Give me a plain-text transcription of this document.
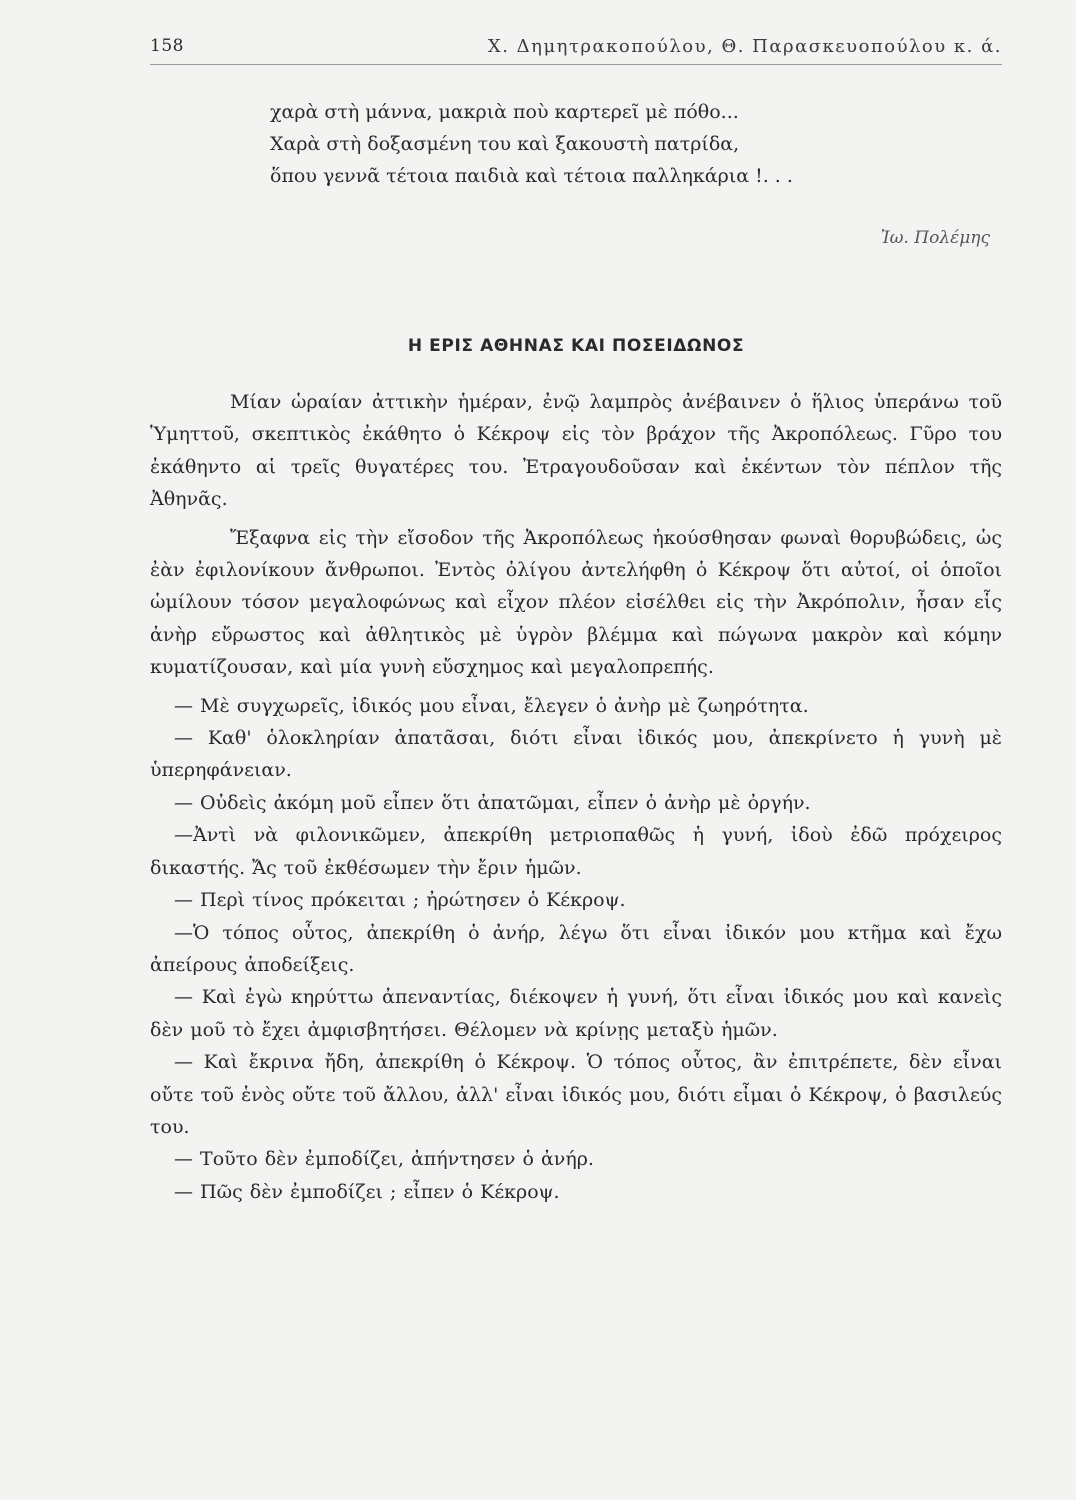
158	Χ. Δημητρακοπούλου, Θ. Παρασκευοπούλου κ. ά.
χαρὰ στὴ μάννα, μακριὰ ποὺ καρτερεῖ μὲ πόθο...
Χαρὰ στὴ δοξασμένη του καὶ ξακουστὴ πατρίδα,
ὅπου γεννᾶ τέτοια παιδιὰ καὶ τέτοια παλληκάρια !. . .
Ἰω. Πολέμης
Η ΕΡΙΣ ΑΘΗΝΑΣ ΚΑΙ ΠΟΣΕΙΔΩΝΟΣ

Μίαν ὡραίαν ἀττικὴν ἡμέραν, ἐνῷ λαμπρὸς ἀνέβαινεν ὁ ἥλιος ὑπεράνω τοῦ Ὑμηττοῦ, σκεπτικὸς ἐκάθητο ὁ Κέκροψ εἰς τὸν βράχον τῆς Ἀκροπόλεως. Γῦρο του ἐκάθηντο αἱ τρεῖς θυγατέρες του. Ἐτραγουδοῦσαν καὶ ἐκέντων τὸν πέπλον τῆς Ἀθηνᾶς.

Ἔξαφνα εἰς τὴν εἴσοδον τῆς Ἀκροπόλεως ἠκούσθησαν φωναὶ θορυβώδεις, ὡς ἐὰν ἐφιλονίκουν ἄνθρωποι. Ἐντὸς ὀλίγου ἀντελήφθη ὁ Κέκροψ ὅτι αὐτοί, οἱ ὁποῖοι ὡμίλουν τόσον μεγαλοφώνως καὶ εἶχον πλέον εἰσέλθει εἰς τὴν Ἀκρόπολιν, ἦσαν εἷς ἀνὴρ εὔρωστος καὶ ἀθλητικὸς μὲ ὑγρὸν βλέμμα καὶ πώγωνα μακρὸν καὶ κόμην κυματίζουσαν, καὶ μία γυνὴ εὔσχημος καὶ μεγαλοπρεπής.

— Μὲ συγχωρεῖς, ἰδικός μου εἶναι, ἔλεγεν ὁ ἀνὴρ μὲ ζωηρότητα.

— Καθ' ὁλοκληρίαν ἀπατᾶσαι, διότι εἶναι ἰδικός μου, ἀπεκρίνετο ἡ γυνὴ μὲ ὑπερηφάνειαν.

— Οὐδεὶς ἀκόμη μοῦ εἶπεν ὅτι ἀπατῶμαι, εἶπεν ὁ ἀνὴρ μὲ ὀργήν.

—Ἀντὶ νὰ φιλονικῶμεν, ἀπεκρίθη μετριοπαθῶς ἡ γυνή, ἰδοὺ ἐδῶ πρόχειρος δικαστής. Ἄς τοῦ ἐκθέσωμεν τὴν ἔριν ἡμῶν.

— Περὶ τίνος πρόκειται ; ἠρώτησεν ὁ Κέκροψ.

—Ὁ τόπος οὗτος, ἀπεκρίθη ὁ ἀνήρ, λέγω ὅτι εἶναι ἰδικόν μου κτῆμα καὶ ἔχω ἀπείρους ἀποδείξεις.

— Καὶ ἐγὼ κηρύττω ἀπεναντίας, διέκοψεν ἡ γυνή, ὅτι εἶναι ἰδικός μου καὶ κανεὶς δὲν μοῦ τὸ ἔχει ἀμφισβητήσει. Θέλομεν νὰ κρίνῃς μεταξὺ ἡμῶν.

— Καὶ ἔκρινα ἤδη, ἀπεκρίθη ὁ Κέκροψ. Ὁ τόπος οὗτος, ἂν ἐπιτρέπετε, δὲν εἶναι οὔτε τοῦ ἑνὸς οὔτε τοῦ ἄλλου, ἀλλ' εἶναι ἰδικός μου, διότι εἶμαι ὁ Κέκροψ, ὁ βασιλεύς του.

— Τοῦτο δὲν ἐμποδίζει, ἀπήντησεν ὁ ἀνήρ.

— Πῶς δὲν ἐμποδίζει ; εἶπεν ὁ Κέκροψ.
